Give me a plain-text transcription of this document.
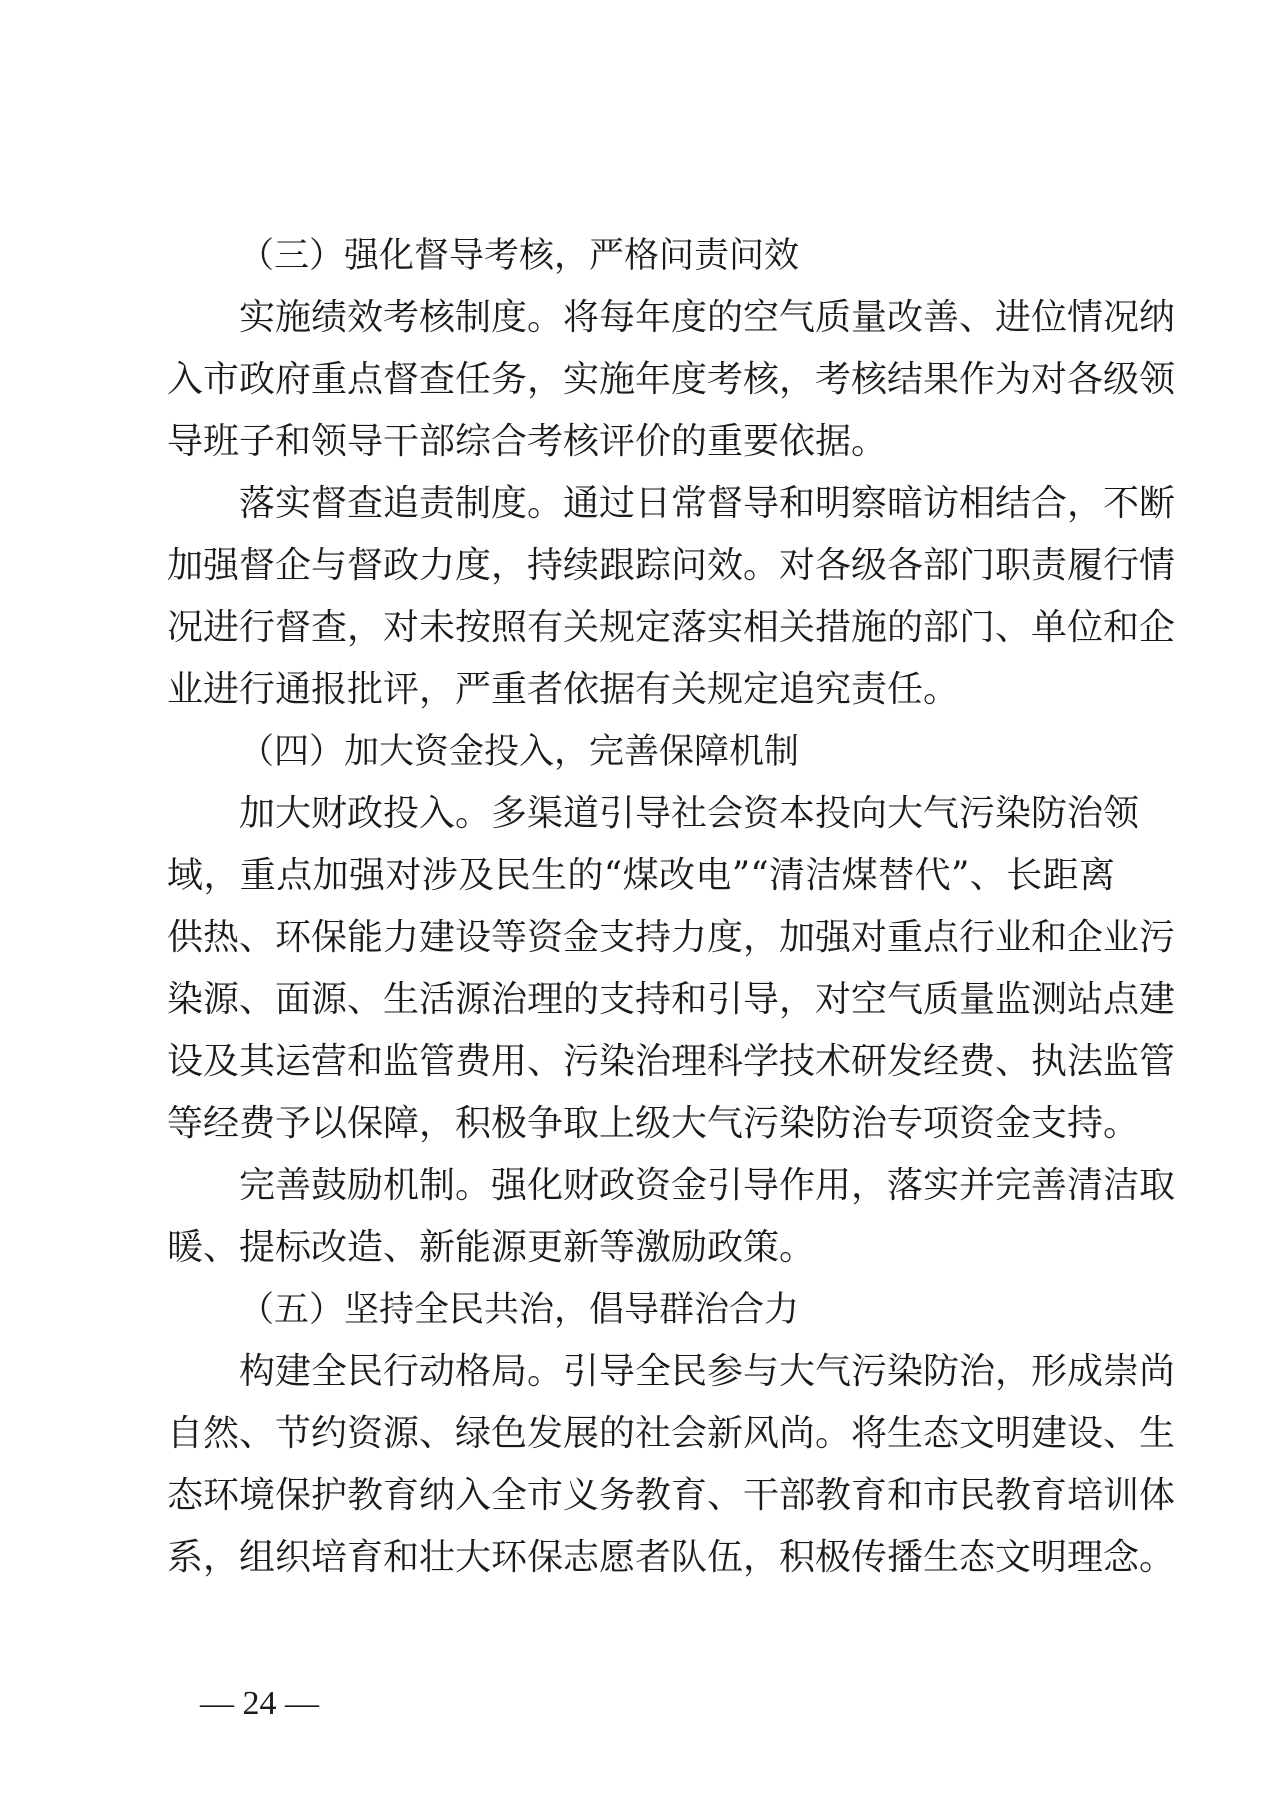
（三）强化督导考核，严格问责问效
实施绩效考核制度。将每年度的空气质量改善、进位情况纳
入市政府重点督查任务，实施年度考核，考核结果作为对各级领
导班子和领导干部综合考核评价的重要依据。
落实督查追责制度。通过日常督导和明察暗访相结合，不断
加强督企与督政力度，持续跟踪问效。对各级各部门职责履行情
况进行督查，对未按照有关规定落实相关措施的部门、单位和企
业进行通报批评，严重者依据有关规定追究责任。
（四）加大资金投入，完善保障机制
加大财政投入。多渠道引导社会资本投向大气污染防治领
域，重点加强对涉及民生的“煤改电”“清洁煤替代”、长距离
供热、环保能力建设等资金支持力度，加强对重点行业和企业污
染源、面源、生活源治理的支持和引导，对空气质量监测站点建
设及其运营和监管费用、污染治理科学技术研发经费、执法监管
等经费予以保障，积极争取上级大气污染防治专项资金支持。
完善鼓励机制。强化财政资金引导作用，落实并完善清洁取
暖、提标改造、新能源更新等激励政策。
（五）坚持全民共治，倡导群治合力
构建全民行动格局。引导全民参与大气污染防治，形成崇尚
自然、节约资源、绿色发展的社会新风尚。将生态文明建设、生
态环境保护教育纳入全市义务教育、干部教育和市民教育培训体
系，组织培育和壮大环保志愿者队伍，积极传播生态文明理念。
— 24 —
